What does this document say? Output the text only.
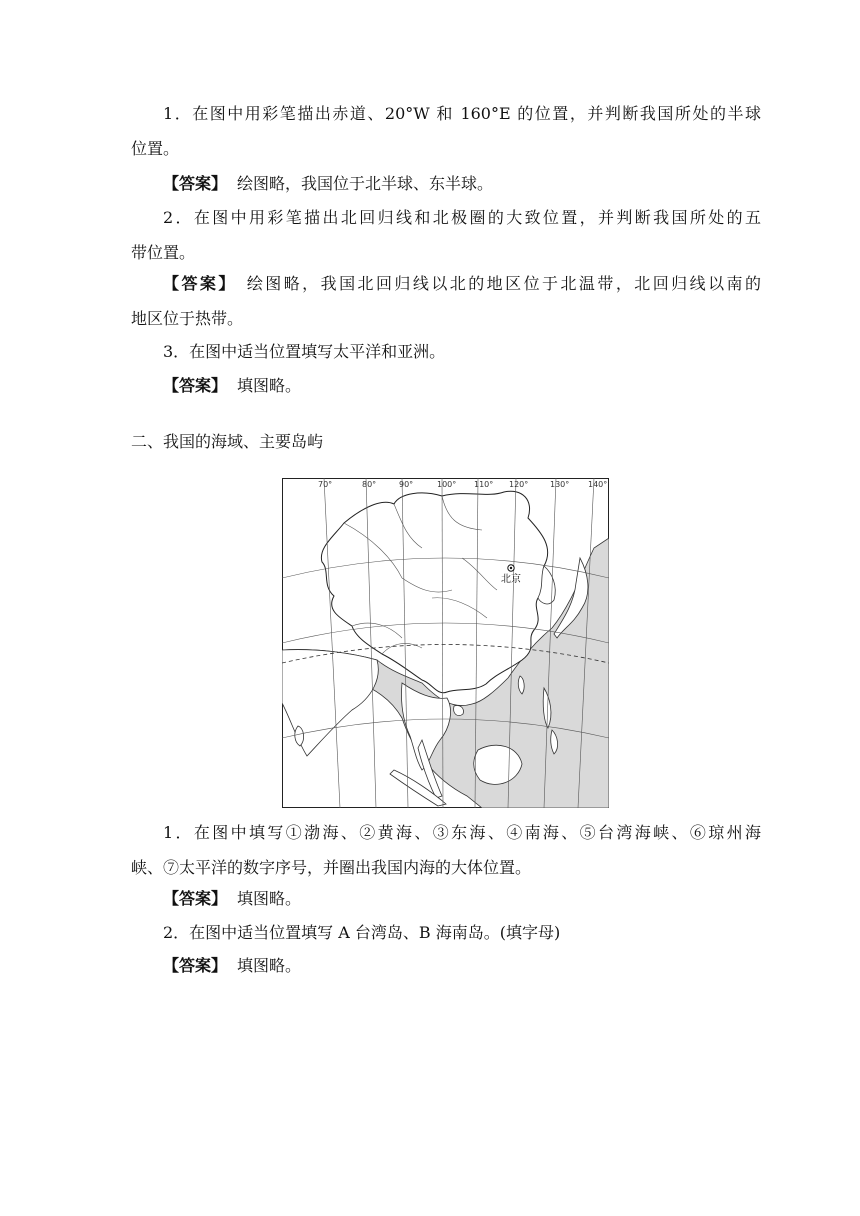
1．在图中用彩笔描出赤道、20°W 和 160°E 的位置，并判断我国所处的半球
位置。
【答案】 绘图略，我国位于北半球、东半球。
2．在图中用彩笔描出北回归线和北极圈的大致位置，并判断我国所处的五
带位置。
【答案】 绘图略，我国北回归线以北的地区位于北温带，北回归线以南的
地区位于热带。
3．在图中适当位置填写太平洋和亚洲。
【答案】 填图略。
二、我国的海域、主要岛屿
70°	80°	90°	100° 110° 120°	130° 140°
北京
1．在图中填写①渤海、②黄海、③东海、④南海、⑤台湾海峡、⑥琼州海
峡、⑦太平洋的数字序号，并圈出我国内海的大体位置。
【答案】 填图略。
2．在图中适当位置填写 A 台湾岛、B 海南岛。(填字母)
【答案】 填图略。
